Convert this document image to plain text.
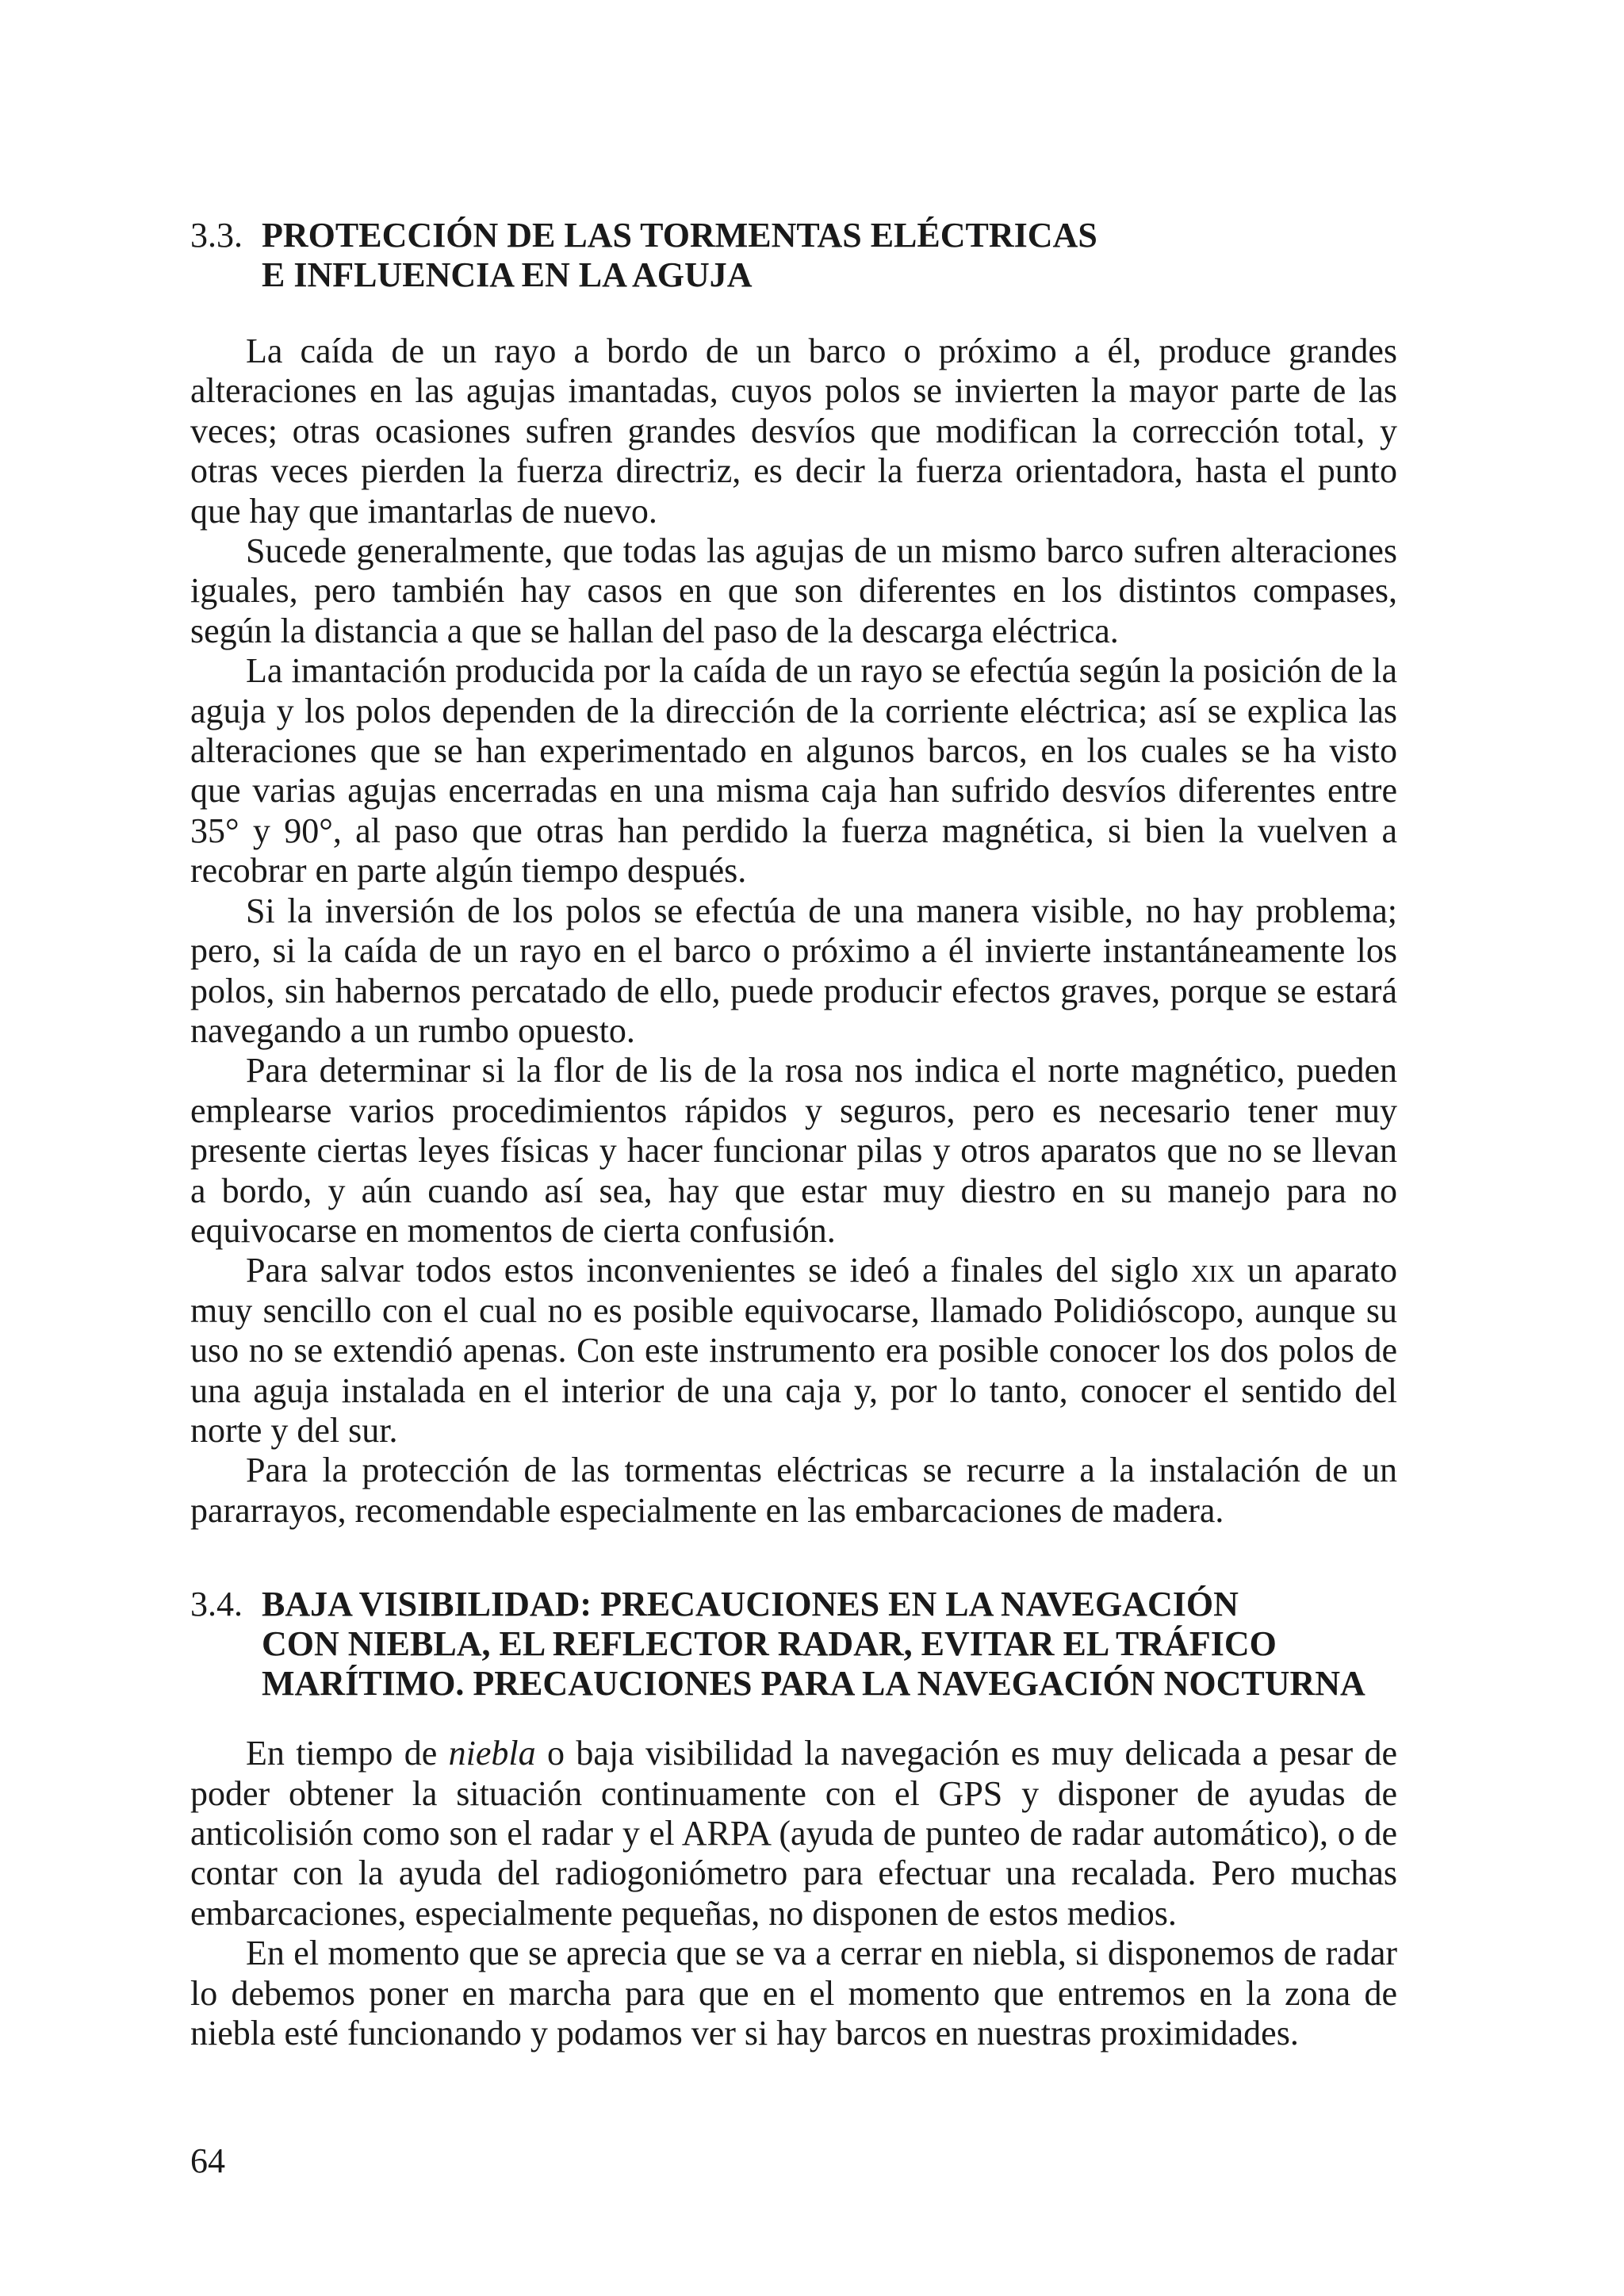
3.3. PROTECCIÓN DE LAS TORMENTAS ELÉCTRICAS
E INFLUENCIA EN LA AGUJA

La caída de un rayo a bordo de un barco o próximo a él, produce grandes alteraciones en las agujas imantadas, cuyos polos se invierten la mayor parte de las veces; otras ocasiones sufren grandes desvíos que modifican la corrección total, y otras veces pierden la fuerza directriz, es decir la fuerza orientadora, hasta el punto que hay que imantarlas de nuevo.

Sucede generalmente, que todas las agujas de un mismo barco sufren alteraciones iguales, pero también hay casos en que son diferentes en los distintos compases, según la distancia a que se hallan del paso de la descarga eléctrica.

La imantación producida por la caída de un rayo se efectúa según la posición de la aguja y los polos dependen de la dirección de la corriente eléctrica; así se explica las alteraciones que se han experimentado en algunos barcos, en los cuales se ha visto que varias agujas encerradas en una misma caja han sufrido desvíos diferentes entre 35° y 90°, al paso que otras han perdido la fuerza magnética, si bien la vuelven a recobrar en parte algún tiempo después.

Si la inversión de los polos se efectúa de una manera visible, no hay problema; pero, si la caída de un rayo en el barco o próximo a él invierte instantáneamente los polos, sin habernos percatado de ello, puede producir efectos graves, porque se estará navegando a un rumbo opuesto.

Para determinar si la flor de lis de la rosa nos indica el norte magnético, pueden emplearse varios procedimientos rápidos y seguros, pero es necesario tener muy presente ciertas leyes físicas y hacer funcionar pilas y otros aparatos que no se llevan a bordo, y aún cuando así sea, hay que estar muy diestro en su manejo para no equivocarse en momentos de cierta confusión.

Para salvar todos estos inconvenientes se ideó a finales del siglo xix un aparato muy sencillo con el cual no es posible equivocarse, llamado Polidióscopo, aunque su uso no se extendió apenas. Con este instrumento era posible conocer los dos polos de una aguja instalada en el interior de una caja y, por lo tanto, conocer el sentido del norte y del sur.

Para la protección de las tormentas eléctricas se recurre a la instalación de un pararrayos, recomendable especialmente en las embarcaciones de madera.

3.4. BAJA VISIBILIDAD: PRECAUCIONES EN LA NAVEGACIÓN
CON NIEBLA, EL REFLECTOR RADAR, EVITAR EL TRÁFICO
MARÍTIMO. PRECAUCIONES PARA LA NAVEGACIÓN NOCTURNA

En tiempo de niebla o baja visibilidad la navegación es muy delicada a pesar de poder obtener la situación continuamente con el GPS y disponer de ayudas de anticolisión como son el radar y el ARPA (ayuda de punteo de radar automático), o de contar con la ayuda del radiogoniómetro para efectuar una recalada. Pero muchas embarcaciones, especialmente pequeñas, no disponen de estos medios.

En el momento que se aprecia que se va a cerrar en niebla, si disponemos de radar lo debemos poner en marcha para que en el momento que entremos en la zona de niebla esté funcionando y podamos ver si hay barcos en nuestras proximidades.

64
